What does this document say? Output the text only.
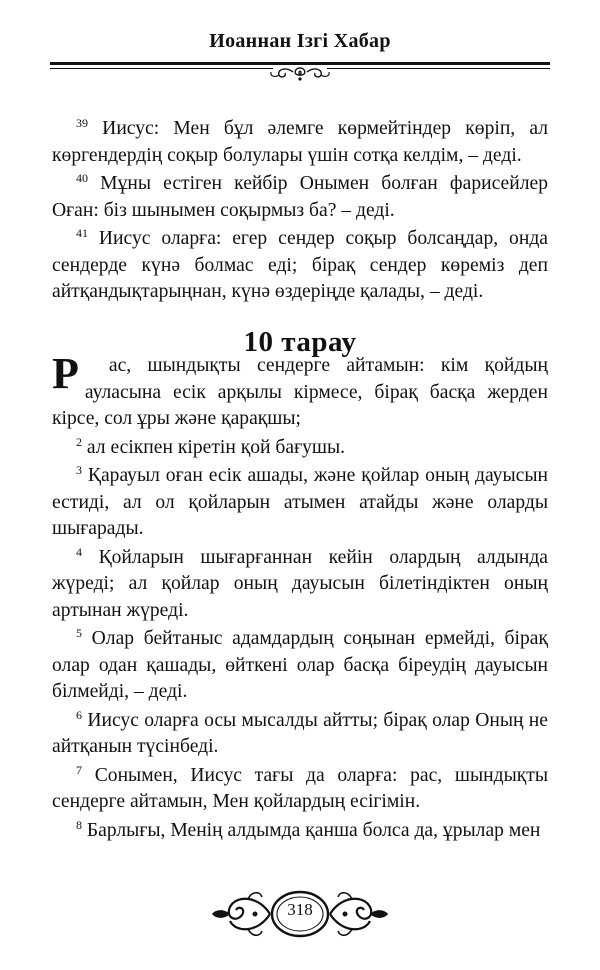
Иоаннан Ізгі Хабар

$^{39}$ Иисус: Мен бұл әлемге көрмейтіндер көріп, ал көргендердің соқыр болулары үшін сотқа келдім, – деді.

$^{40}$ Мұны естіген кейбір Онымен болған фарисейлер Оған: біз шынымен соқырмыз ба? – деді.

$^{41}$ Иисус оларға: егер сендер соқыр болсаңдар, онда сендерде күнә болмас еді; бірақ сендер көреміз деп айтқандықтарыңнан, күнә өздеріңде қалады, – деді.

10 тарау

Р ас, шындықты сендерге айтамын: кім қойдың ауласына есік арқылы кірмесе, бірақ басқа жерден кірсе, сол ұры және қарақшы;

$^2$ ал есікпен кіретін қой бағушы.

$^3$ Қарауыл оған есік ашады, және қойлар оның дауысын естиді, ал ол қойларын атымен атайды және оларды шығарады.

$^4$ Қойларын шығарғаннан кейін олардың алдында жүреді; ал қойлар оның дауысын білетіндіктен оның артынан жүреді.

$^5$ Олар бейтаныс адамдардың соңынан ермейді, бірақ олар одан қашады, өйткені олар басқа біреудің дауысын білмейді, – деді.

$^6$ Иисус оларға осы мысалды айтты; бірақ олар Оның не айтқанын түсінбеді.

$^7$ Сонымен, Иисус тағы да оларға: рас, шындықты сендерге айтамын, Мен қойлардың есігімін.

$^8$ Барлығы, Менің алдымда қанша болса да, ұрылар мен

318
